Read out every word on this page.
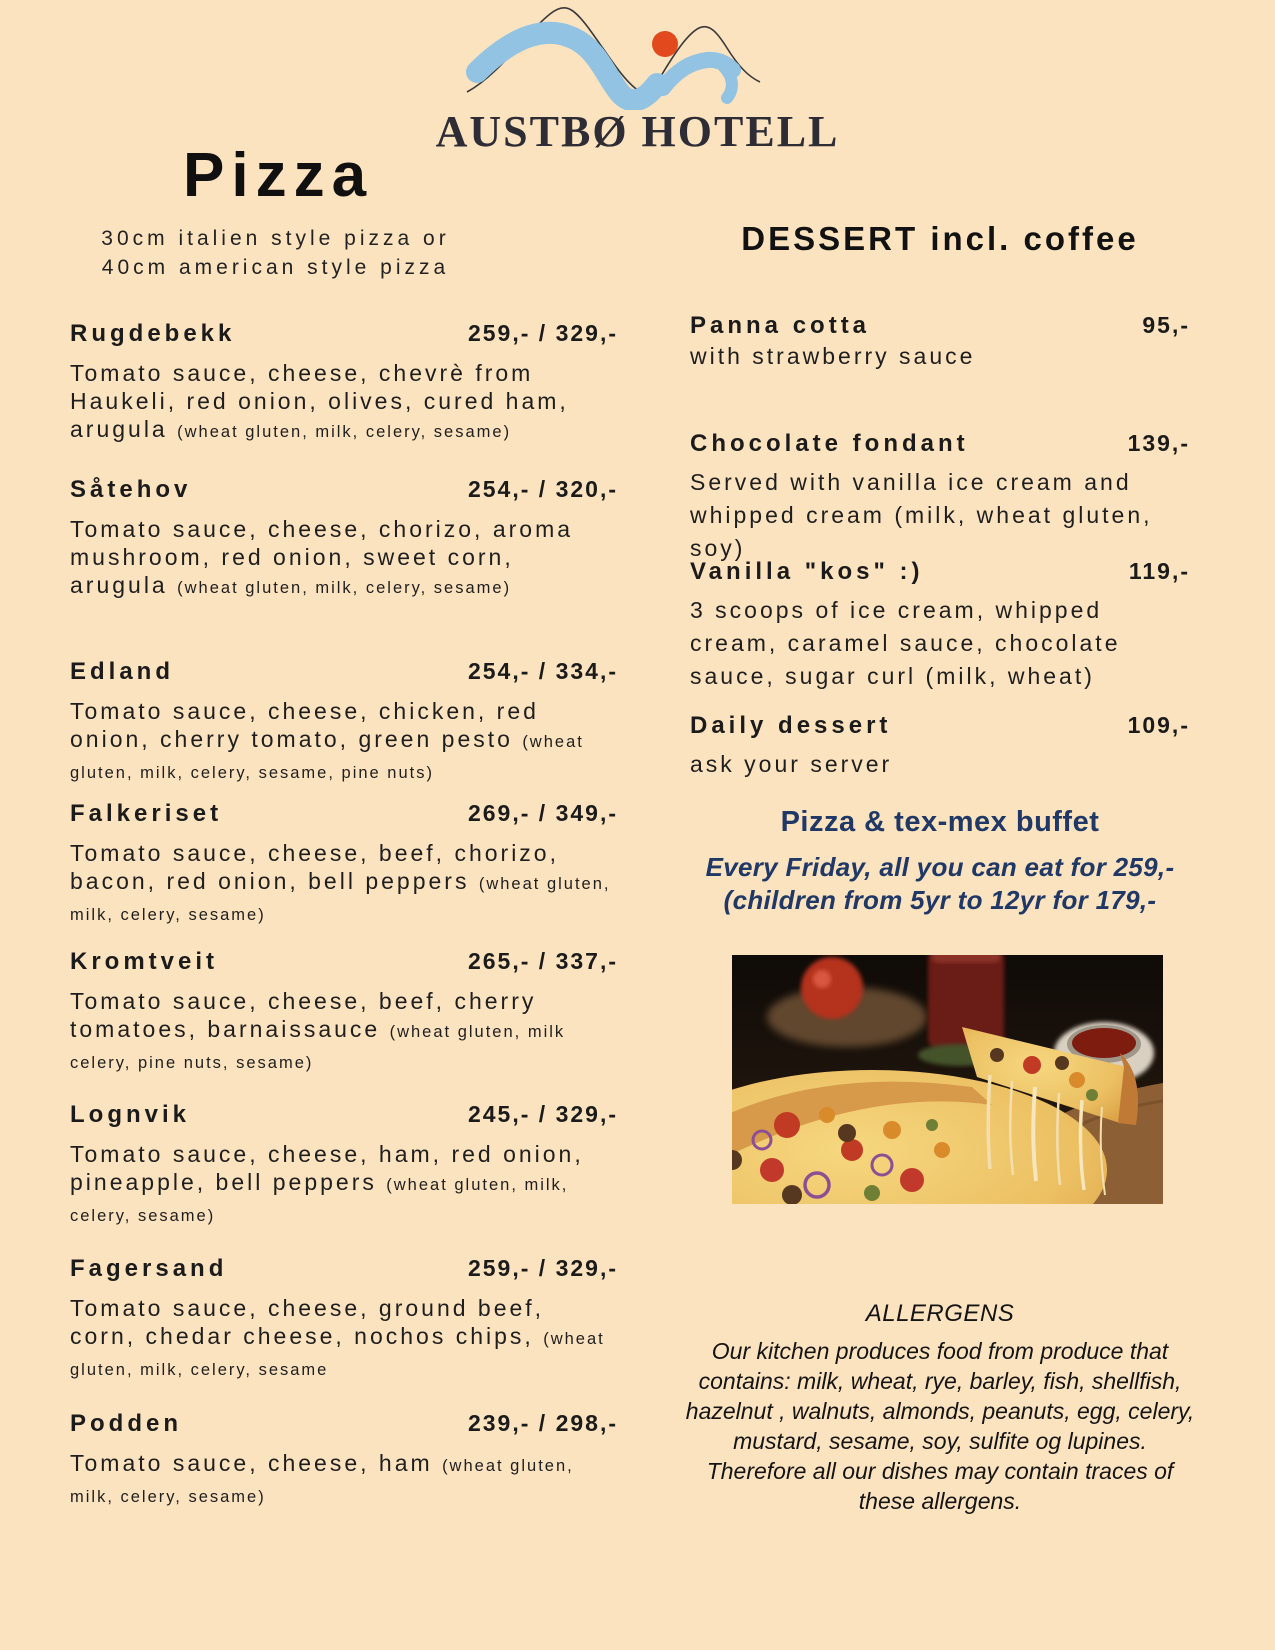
AUSTBØ HOTELL
Pizza
30cm italien style pizza or
40cm american style pizza
Rugdebekk	259,- / 329,-
Tomato sauce, cheese, chevrè from Haukeli, red onion, olives, cured ham, arugula (wheat gluten, milk, celery, sesame)
Såtehov	254,- / 320,-
Tomato sauce, cheese, chorizo, aroma mushroom, red onion, sweet corn, arugula (wheat gluten, milk, celery, sesame)
Edland	254,- / 334,-
Tomato sauce, cheese, chicken, red onion, cherry tomato, green pesto (wheat gluten, milk, celery, sesame, pine nuts)
Falkeriset	269,- / 349,-
Tomato sauce, cheese, beef, chorizo, bacon, red onion, bell peppers (wheat gluten, milk, celery, sesame)
Kromtveit	265,- / 337,-
Tomato sauce, cheese, beef, cherry tomatoes, barnaissauce (wheat gluten, milk celery, pine nuts, sesame)
Lognvik	245,- / 329,-
Tomato sauce, cheese, ham, red onion, pineapple, bell peppers (wheat gluten, milk, celery, sesame)
Fagersand	259,- / 329,-
Tomato sauce, cheese, ground beef, corn, chedar cheese, nochos chips, (wheat gluten, milk, celery, sesame
Podden	239,- / 298,-
Tomato sauce, cheese, ham (wheat gluten, milk, celery, sesame)
DESSERT incl. coffee
Panna cotta	95,-
with strawberry sauce
Chocolate fondant	139,-
Served with vanilla ice cream and whipped cream (milk, wheat gluten, soy)
Vanilla "kos" :)	119,-
3 scoops of ice cream, whipped cream, caramel sauce, chocolate sauce, sugar curl (milk, wheat)
Daily dessert	109,-
ask your server
Pizza & tex-mex buffet
Every Friday, all you can eat for 259,-
(children from 5yr to 12yr for 179,-
ALLERGENS
Our kitchen produces food from produce that contains: milk, wheat, rye, barley, fish, shellfish, hazelnut , walnuts, almonds, peanuts, egg, celery, mustard, sesame, soy, sulfite og lupines. Therefore all our dishes may contain traces of these allergens.
